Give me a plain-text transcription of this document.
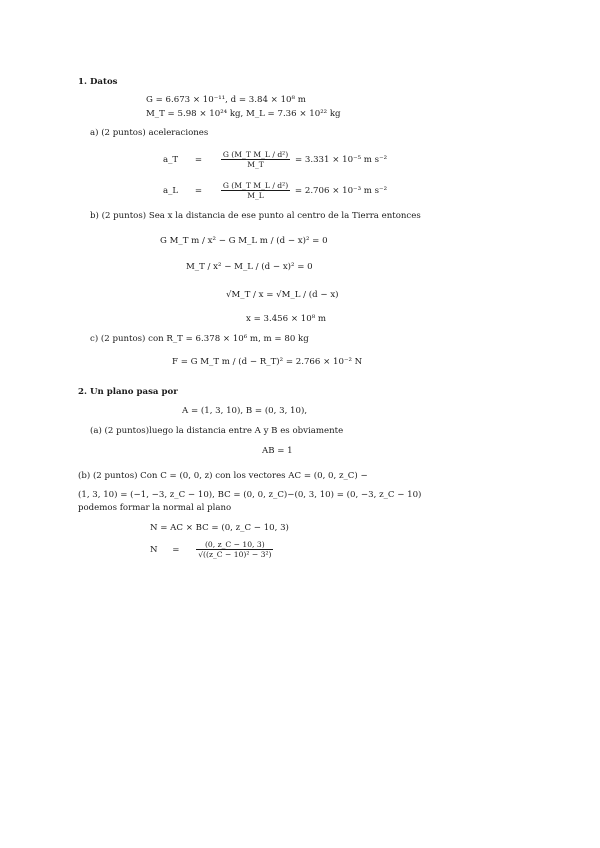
1. Datos
G = 6.673 × 10⁻¹¹, d = 3.84 × 10⁸ m
M_T = 5.98 × 10²⁴ kg, M_L = 7.36 × 10²² kg
a) (2 puntos) aceleraciones
a_T = $\frac{\text{G (M\_T M\_L / d²)}}{M\_T} = 3.331 \times 10^{-5}$ m s⁻²
a_L = $\frac{\text{G (M\_T M\_L / d²)}}{M\_L} = 2.706 \times 10^{-3}$ m s⁻²
b) (2 puntos) Sea x la distancia de ese punto al centro de la Tierra entonces
G M_T m / x² − G M_L m / (d − x)² = 0
M_T / x² − M_L / (d − x)² = 0
√M_T / x = √M_L / (d − x)
x = 3.456 × 10⁸ m
c) (2 puntos) con R_T = 6.378 × 10⁶ m, m = 80 kg
F = G M_T m / (d − R_T)² = 2.766 × 10⁻² N
2. Un plano pasa por
A = (1, 3, 10), B = (0, 3, 10),
(a) (2 puntos)luego la distancia entre A y B es obviamente
AB = 1
(b) (2 puntos) Con C = (0, 0, z) con los vectores AC = (0, 0, z_C) −
(1, 3, 10) = (−1, −3, z_C − 10), BC = (0, 0, z_C)−(0, 3, 10) = (0, −3, z_C − 10)
podemos formar la normal al plano
N = AC × BC = (0, z_C − 10, 3)
$N = \frac{(0, z\_C - 10, 3)}{\text{√((z\_C − 10)² − 3²)}}$
